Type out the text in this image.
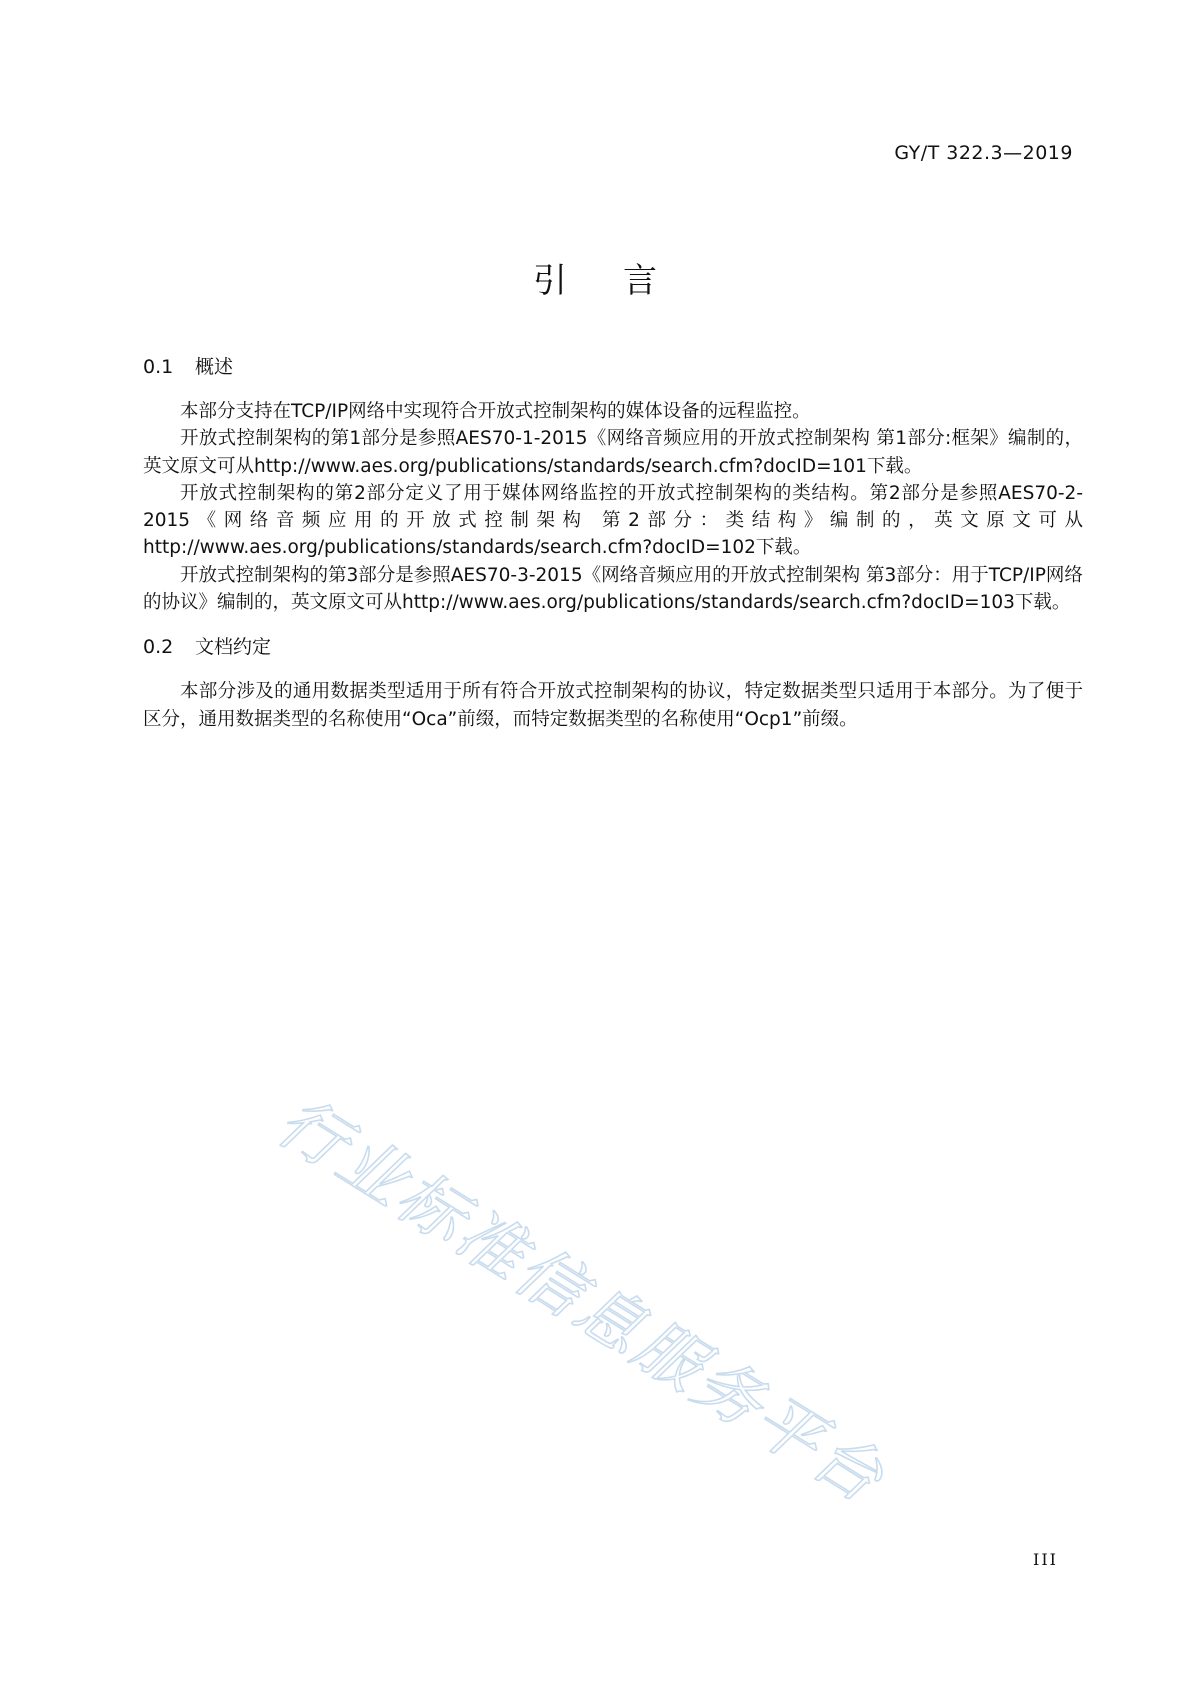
GY/T 322.3—2019
引言
0.1 概述

本部分支持在TCP/IP网络中实现符合开放式控制架构的媒体设备的远程监控。

开放式控制架构的第1部分是参照AES70-1-2015《网络音频应用的开放式控制架构 第1部分:框架》编制的，英文原文可从http://www.aes.org/publications/standards/search.cfm?docID=101下载。

开放式控制架构的第2部分定义了用于媒体网络监控的开放式控制架构的类结构。第2部分是参照AES70-2-2015《网络音频应用的开放式控制架构 第2部分：类结构》编制的，英文原文可从http://www.aes.org/publications/standards/search.cfm?docID=102下载。

开放式控制架构的第3部分是参照AES70-3-2015《网络音频应用的开放式控制架构 第3部分：用于TCP/IP网络的协议》编制的，英文原文可从http://www.aes.org/publications/standards/search.cfm?docID=103下载。

0.2 文档约定

本部分涉及的通用数据类型适用于所有符合开放式控制架构的协议，特定数据类型只适用于本部分。为了便于区分，通用数据类型的名称使用“Oca”前缀，而特定数据类型的名称使用“Ocp1”前缀。

行业标准信息服务平台
III
